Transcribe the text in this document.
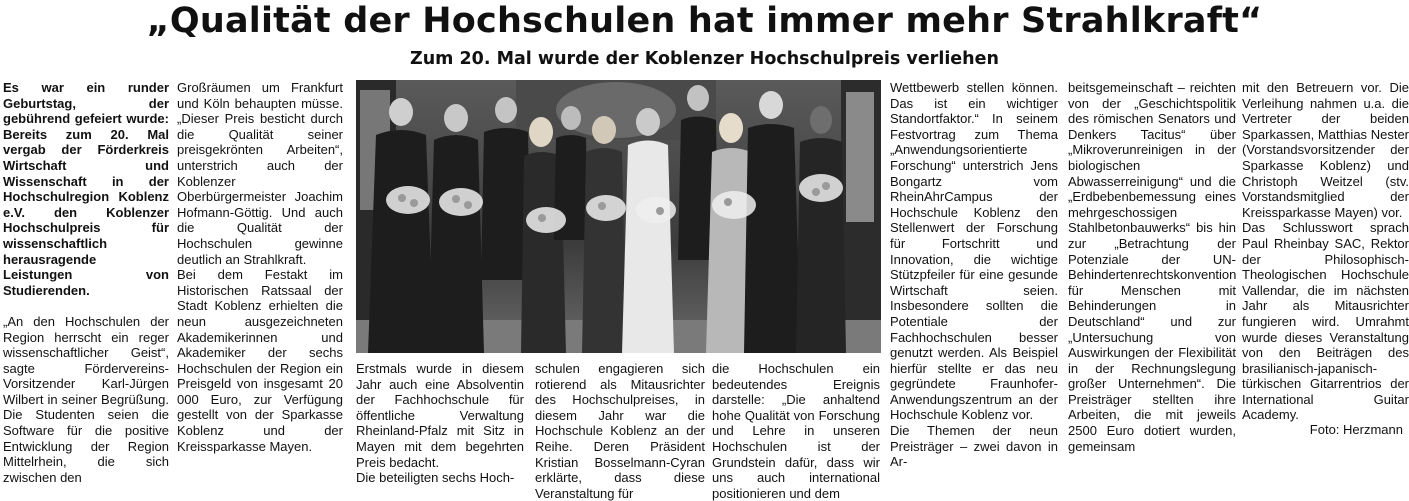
„Qualität der Hochschulen hat immer mehr Strahlkraft“
Zum 20. Mal wurde der Koblenzer Hochschulpreis verliehen

Es war ein runder Geburtstag, der gebührend gefeiert wurde: Bereits zum 20. Mal vergab der Förderkreis Wirtschaft und Wissenschaft in der Hochschulregion Koblenz e.V. den Koblenzer Hochschulpreis für wissenschaftlich herausragende Leistungen von Studierenden.

„An den Hochschulen der Region herrscht ein reger wissenschaftlicher Geist“, sagte Fördervereins-Vorsitzender Karl-Jürgen Wilbert in seiner Begrüßung. Die Studenten seien die Software für die positive Entwicklung der Region Mittelrhein, die sich zwischen den

Großräumen um Frankfurt und Köln behaupten müsse. „Dieser Preis besticht durch die Qualität seiner preisgekrönten Arbeiten“, unterstrich auch der Koblenzer Oberbürgermeister Joachim Hofmann-Göttig. Und auch die Qualität der Hochschulen gewinne deutlich an Strahlkraft.

Bei dem Festakt im Historischen Ratssaal der Stadt Koblenz erhielten die neun ausgezeichneten Akademikerinnen und Akademiker der sechs Hochschulen der Region ein Preisgeld von insgesamt 20 000 Euro, zur Verfügung gestellt von der Sparkasse Koblenz und der Kreissparkasse Mayen.

Erstmals wurde in diesem Jahr auch eine Absolventin der Fachhochschule für öffentliche Verwaltung Rheinland-Pfalz mit Sitz in Mayen mit dem begehrten Preis bedacht.

Die beteiligten sechs Hoch-

schulen engagieren sich rotierend als Mitausrichter des Hochschulpreises, in diesem Jahr war die Hochschule Koblenz an der Reihe. Deren Präsident Kristian Bosselmann-Cyran erklärte, dass diese Veranstaltung für

die Hochschulen ein bedeutendes Ereignis darstelle: „Die anhaltend hohe Qualität von Forschung und Lehre in unseren Hochschulen ist der Grundstein dafür, dass wir uns auch international positionieren und dem

Wettbewerb stellen können. Das ist ein wichtiger Standortfaktor.“ In seinem Festvortrag zum Thema „Anwendungsorientierte Forschung“ unterstrich Jens Bongartz vom RheinAhrCampus der Hochschule Koblenz den Stellenwert der Forschung für Fortschritt und Innovation, die wichtige Stützpfeiler für eine gesunde Wirtschaft seien. Insbesondere sollten die Potentiale der Fachhochschulen besser genutzt werden. Als Beispiel hierfür stellte er das neu gegründete Fraunhofer-Anwendungszentrum an der Hochschule Koblenz vor.

Die Themen der neun Preisträger – zwei davon in Ar-

beitsgemeinschaft – reichten von der „Geschichtspolitik des römischen Senators und Denkers Tacitus“ über „Mikroverunreinigen in der biologischen Abwasserreinigung“ und die „Erdbebenbemessung eines mehrgeschossigen Stahlbetonbauwerks“ bis hin zur „Betrachtung der Potenziale der UN-Behindertenrechtskonvention für Menschen mit Behinderungen in Deutschland“ und zur „Untersuchung von Auswirkungen der Flexibilität in der Rechnungslegung großer Unternehmen“. Die Preisträger stellten ihre Arbeiten, die mit jeweils 2500 Euro dotiert wurden, gemeinsam

mit den Betreuern vor. Die Verleihung nahmen u.a. die Vertreter der beiden Sparkassen, Matthias Nester (Vorstandsvorsitzender der Sparkasse Koblenz) und Christoph Weitzel (stv. Vorstandsmitglied der Kreissparkasse Mayen) vor.

Das Schlusswort sprach Paul Rheinbay SAC, Rektor der Philosophisch-Theologischen Hochschule Vallendar, die im nächsten Jahr als Mitausrichter fungieren wird. Umrahmt wurde dieses Veranstaltung von den Beiträgen des brasilianisch-japanisch-türkischen Gitarrentrios der International Guitar Academy.

Foto: Herzmann
